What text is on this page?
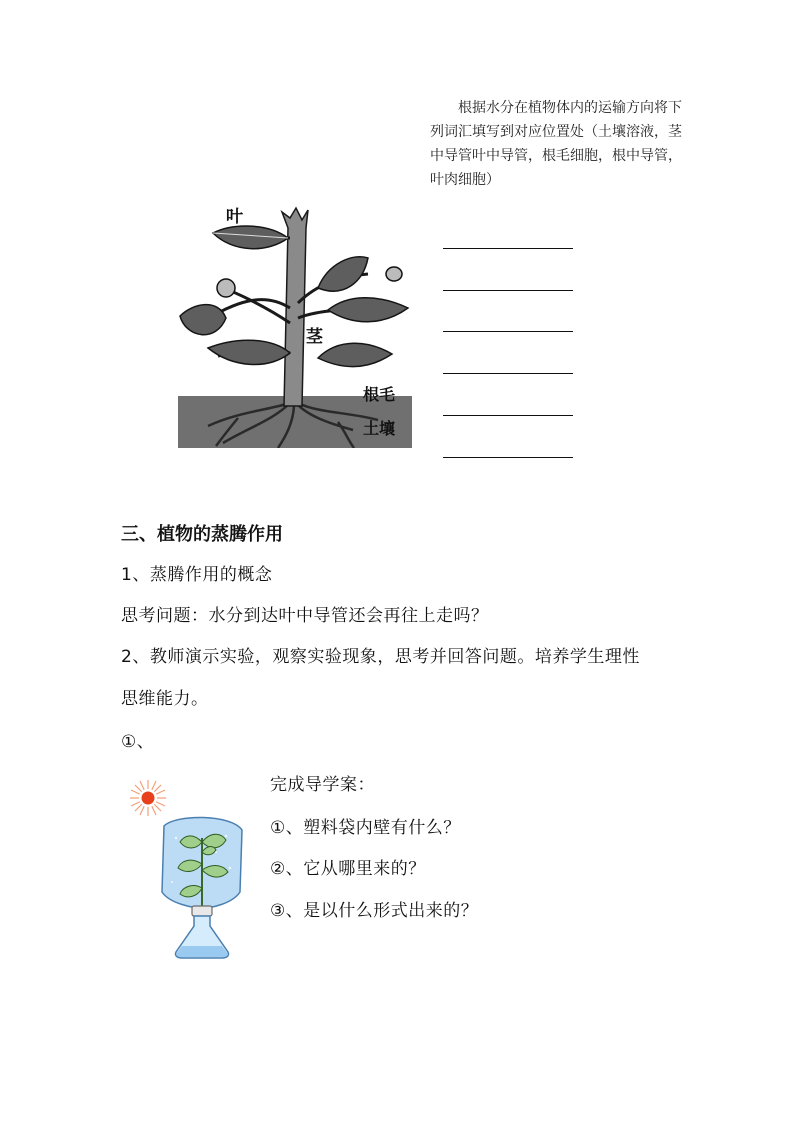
根据水分在植物体内的运输方向将下列词汇填写到对应位置处（土壤溶液，茎中导管叶中导管，根毛细胞，根中导管，叶肉细胞）
叶
茎
根毛
土壤
三、植物的蒸腾作用
1、蒸腾作用的概念
思考问题：水分到达叶中导管还会再往上走吗？
2、教师演示实验，观察实验现象，思考并回答问题。培养学生理性
思维能力。
①、
完成导学案：
①、塑料袋内壁有什么？
②、它从哪里来的？
③、是以什么形式出来的？
